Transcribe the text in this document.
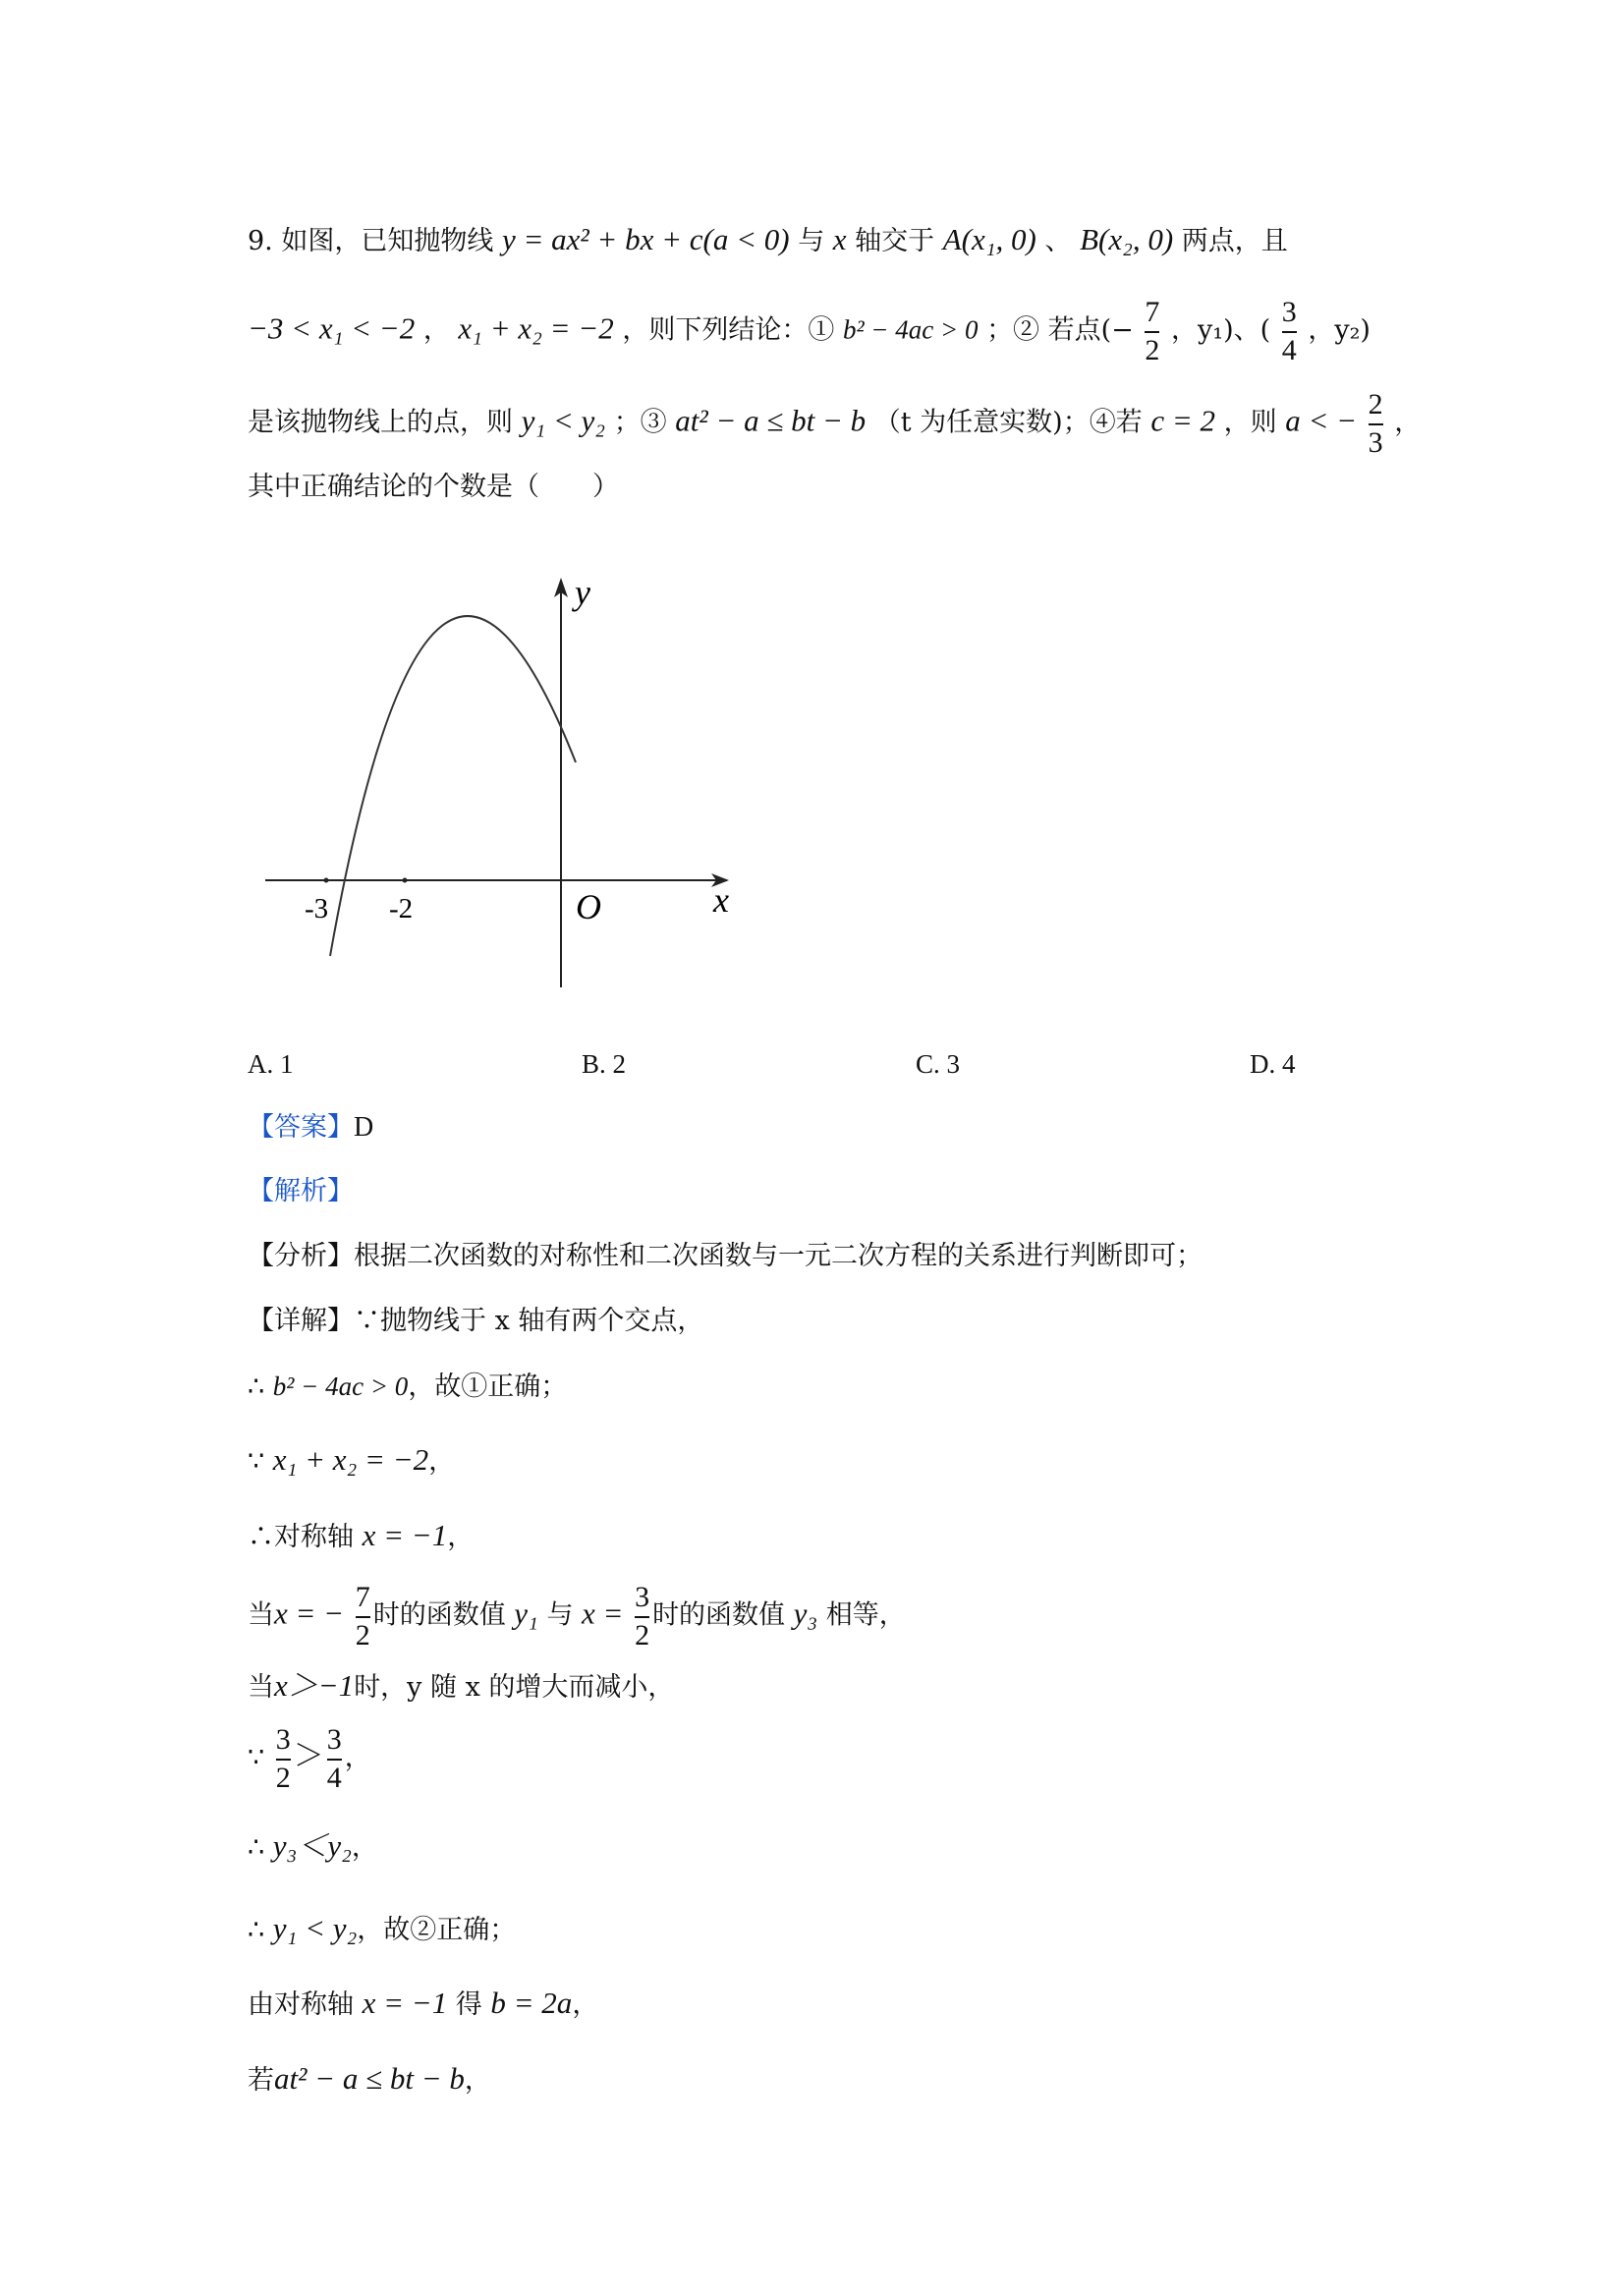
9. 如图，已知抛物线 y = ax² + bx + c(a < 0) 与 x 轴交于 A(x₁, 0) 、 B(x₂, 0) 两点，且
−3 < x₁ < −2 ， x₁ + x₂ = −2 ，则下列结论：① b² − 4ac > 0 ；② 若点(− $\frac{7}{2}$ ，y₁)、( $\frac{3}{4}$ ，y₂)
是该抛物线上的点，则 y₁ < y₂ ；③ at² − a ≤ bt − b （t 为任意实数)；④若 c = 2 ，则 a < − $\frac{2}{3}$ ，
其中正确结论的个数是（　　）
y
x
O
-3 -2
A. 1	B. 2	C. 3	D. 4
【答案】D
【解析】
【分析】根据二次函数的对称性和二次函数与一元二次方程的关系进行判断即可；
【详解】∵抛物线于 x 轴有两个交点，
∴ b² − 4ac > 0，故①正确；
∵ x₁ + x₂ = −2，
∴对称轴 x = −1，
当x = − $\frac{7}{2}$ 时的函数值 y₁ 与 $x = \frac{3}{2}$ 时的函数值 y₃ 相等，
当x＞−1时，y 随 x 的增大而减小，
∵ $\frac{3}{2} > \frac{3}{4}$ ，
∴ y₃＜y₂，
∴ y₁ < y₂，故②正确；
由对称轴 x = −1 得 b = 2a，
若at² − a ≤ bt − b，
